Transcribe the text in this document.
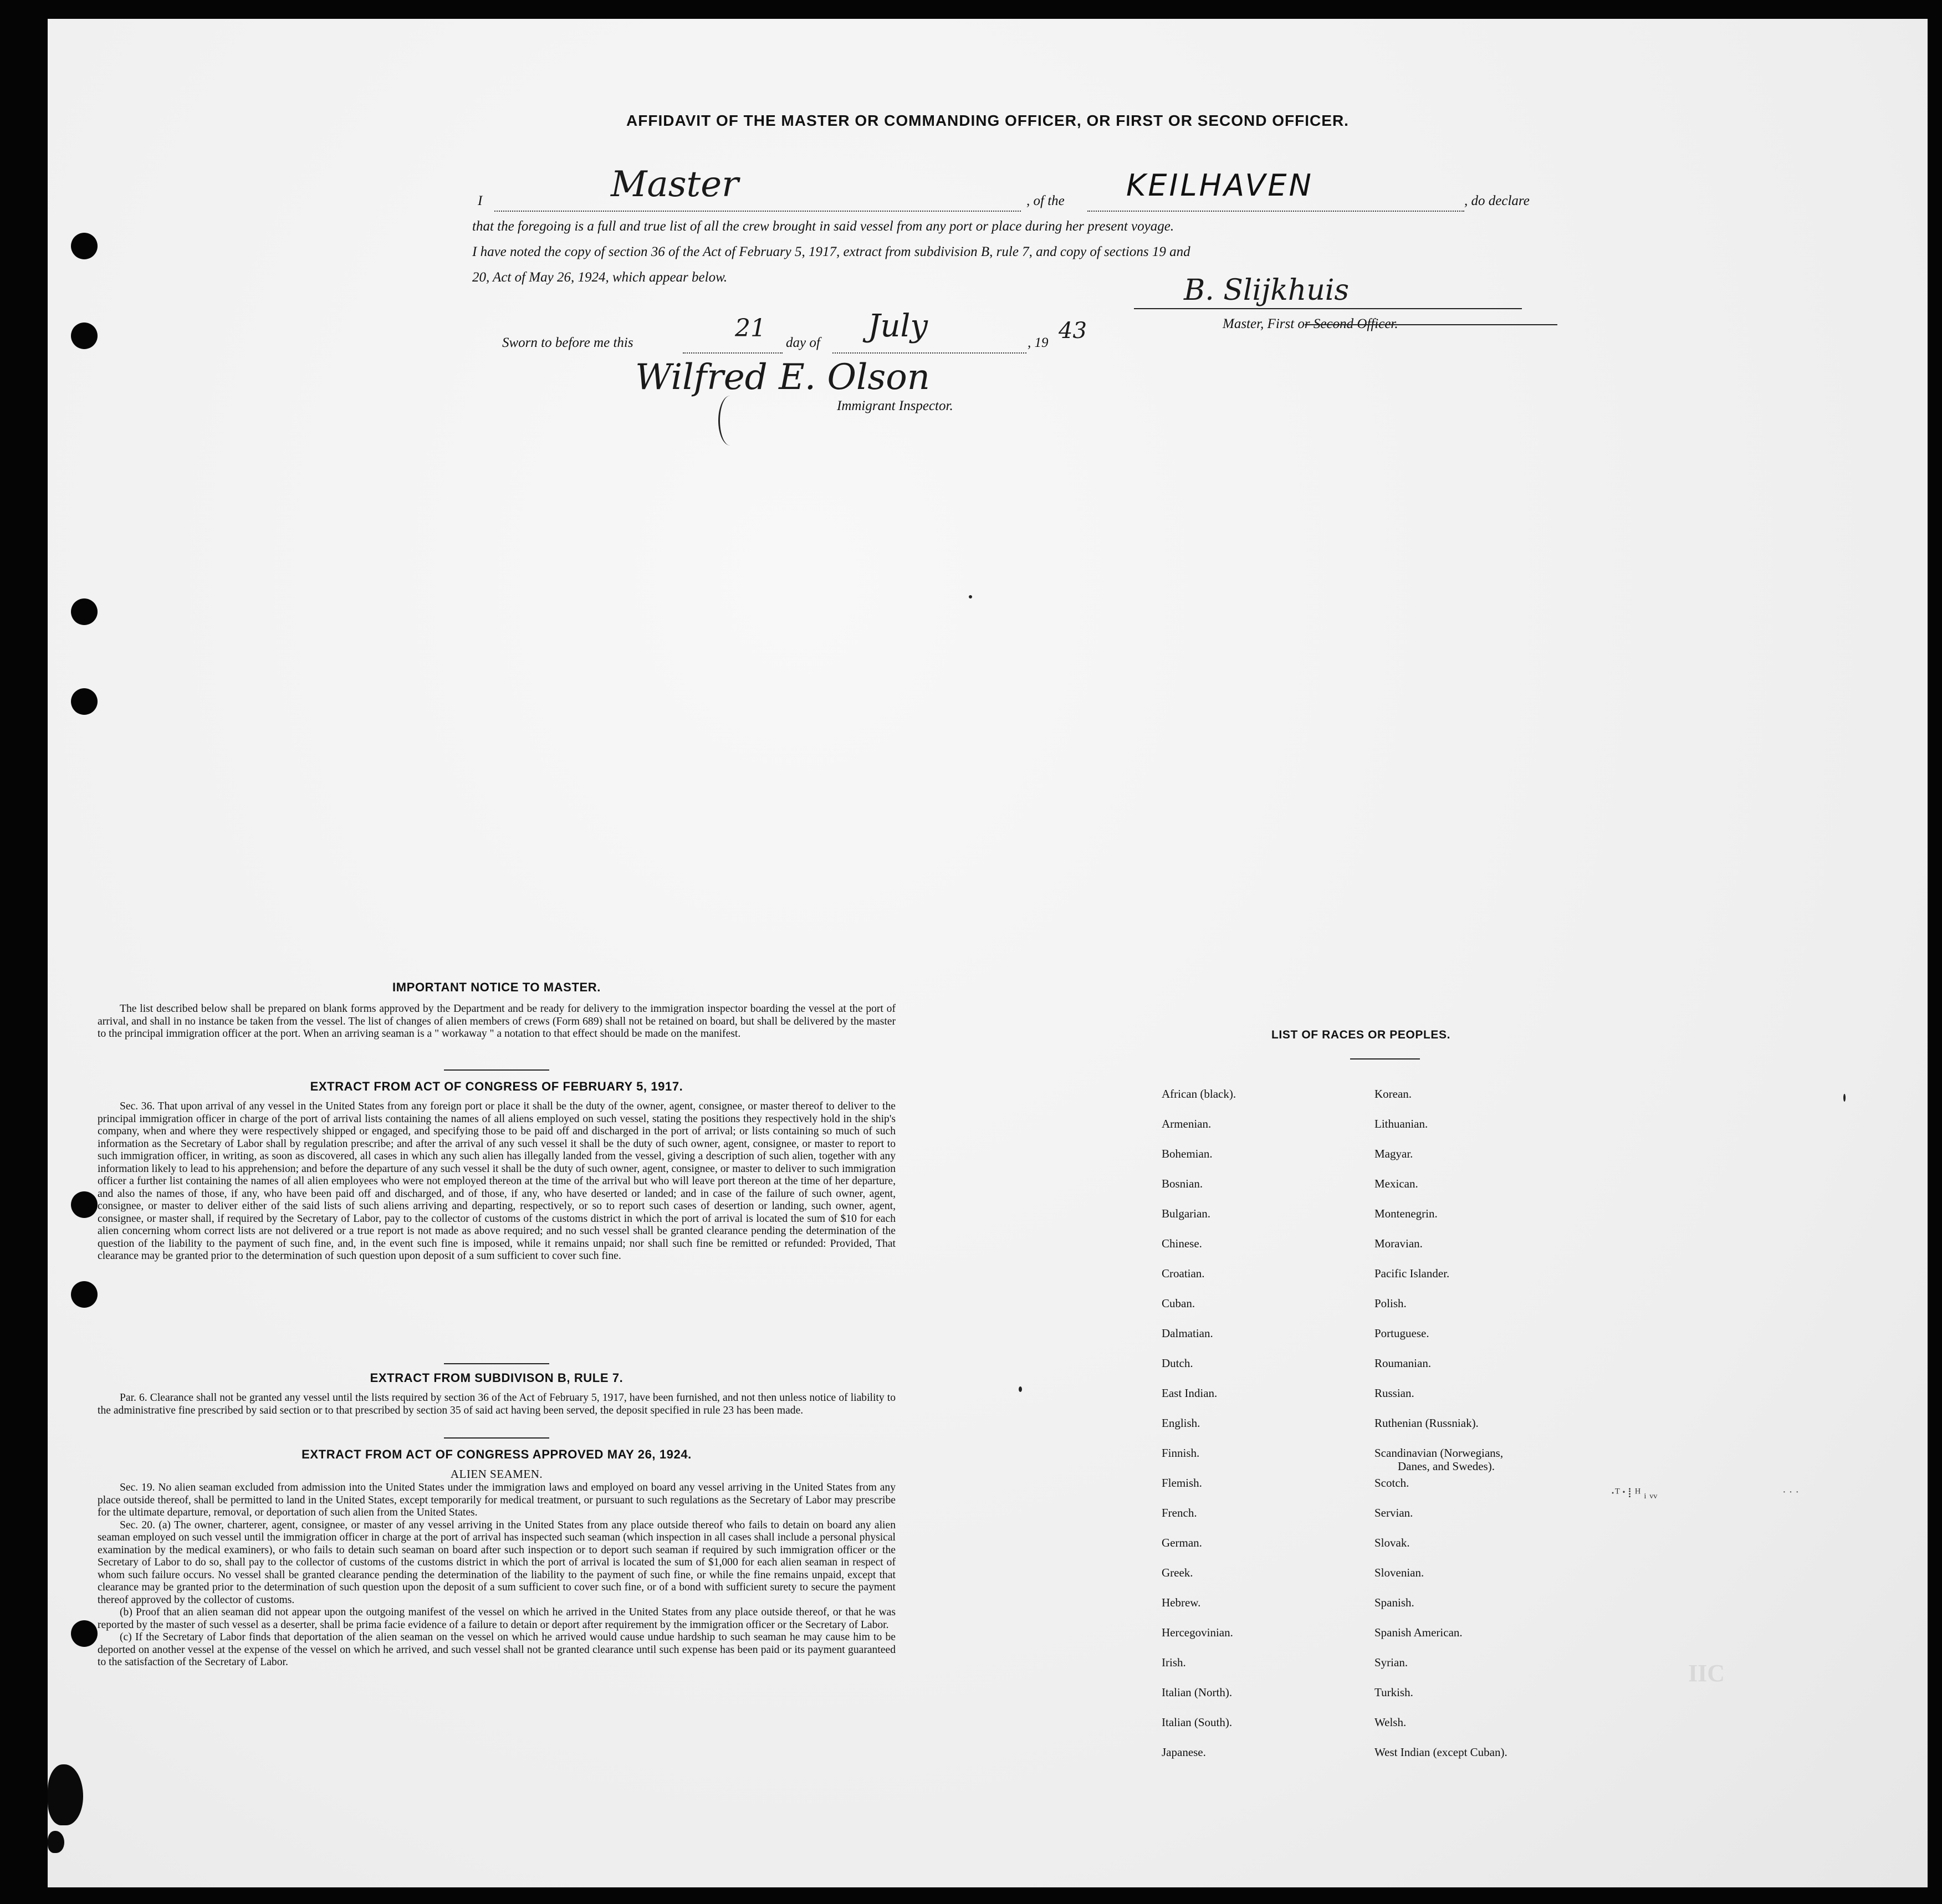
AFFIDAVIT OF THE MASTER OR COMMANDING OFFICER, OR FIRST OR SECOND OFFICER.
I	Master	, of the KEILHAVEN	, do declare
that the foregoing is a full and true list of all the crew brought in said vessel from any port or place during her present voyage.
I have noted the copy of section 36 of the Act of February 5, 1917, extract from subdivision B, rule 7, and copy of sections 19 and
20, Act of May 26, 1924, which appear below.	B. Slijkhuis
Master, First or Second Officer.
Sworn to before me this
21
day of July	, 19 43
Wilfred E. Olson
Immigrant Inspector.
IMPORTANT NOTICE TO MASTER.

The list described below shall be prepared on blank forms approved by the Department and be ready for delivery to the immigration inspector boarding the vessel at the port of arrival, and shall in no instance be taken from the vessel. The list of changes of alien members of crews (Form 689) shall not be retained on board, but shall be delivered by the master to the principal immigration officer at the port. When an arriving seaman is a " workaway " a notation to that effect should be made on the manifest.

EXTRACT FROM ACT OF CONGRESS OF FEBRUARY 5, 1917.

Sec. 36. That upon arrival of any vessel in the United States from any foreign port or place it shall be the duty of the owner, agent, consignee, or master thereof to deliver to the principal immigration officer in charge of the port of arrival lists containing the names of all aliens employed on such vessel, stating the positions they respectively hold in the ship's company, when and where they were respectively shipped or engaged, and specifying those to be paid off and discharged in the port of arrival; or lists containing so much of such information as the Secretary of Labor shall by regulation prescribe; and after the arrival of any such vessel it shall be the duty of such owner, agent, consignee, or master to report to such immigration officer, in writing, as soon as discovered, all cases in which any such alien has illegally landed from the vessel, giving a description of such alien, together with any information likely to lead to his apprehension; and before the departure of any such vessel it shall be the duty of such owner, agent, consignee, or master to deliver to such immigration officer a further list containing the names of all alien employees who were not employed thereon at the time of the arrival but who will leave port thereon at the time of her departure, and also the names of those, if any, who have been paid off and discharged, and of those, if any, who have deserted or landed; and in case of the failure of such owner, agent, consignee, or master to deliver either of the said lists of such aliens arriving and departing, respectively, or so to report such cases of desertion or landing, such owner, agent, consignee, or master shall, if required by the Secretary of Labor, pay to the collector of customs of the customs district in which the port of arrival is located the sum of $10 for each alien concerning whom correct lists are not delivered or a true report is not made as above required; and no such vessel shall be granted clearance pending the determination of the question of the liability to the payment of such fine, and, in the event such fine is imposed, while it remains unpaid; nor shall such fine be remitted or refunded: Provided, That clearance may be granted prior to the determination of such question upon deposit of a sum sufficient to cover such fine.

EXTRACT FROM SUBDIVISON B, RULE 7.

Par. 6. Clearance shall not be granted any vessel until the lists required by section 36 of the Act of February 5, 1917, have been furnished, and not then unless notice of liability to the administrative fine prescribed by said section or to that prescribed by section 35 of said act having been served, the deposit specified in rule 23 has been made.

EXTRACT FROM ACT OF CONGRESS APPROVED MAY 26, 1924.
ALIEN SEAMEN.

Sec. 19. No alien seaman excluded from admission into the United States under the immigration laws and employed on board any vessel arriving in the United States from any place outside thereof, shall be permitted to land in the United States, except temporarily for medical treatment, or pursuant to such regulations as the Secretary of Labor may prescribe for the ultimate departure, removal, or deportation of such alien from the United States.

Sec. 20. (a) The owner, charterer, agent, consignee, or master of any vessel arriving in the United States from any place outside thereof who fails to detain on board any alien seaman employed on such vessel until the immigration officer in charge at the port of arrival has inspected such seaman (which inspection in all cases shall include a personal physical examination by the medical examiners), or who fails to detain such seaman on board after such inspection or to deport such seaman if required by such immigration officer or the Secretary of Labor to do so, shall pay to the collector of customs of the customs district in which the port of arrival is located the sum of $1,000 for each alien seaman in respect of whom such failure occurs. No vessel shall be granted clearance pending the determination of the liability to the payment of such fine, or while the fine remains unpaid, except that clearance may be granted prior to the determination of such question upon the deposit of a sum sufficient to cover such fine, or of a bond with sufficient surety to secure the payment thereof approved by the collector of customs.

(b) Proof that an alien seaman did not appear upon the outgoing manifest of the vessel on which he arrived in the United States from any place outside thereof, or that he was reported by the master of such vessel as a deserter, shall be prima facie evidence of a failure to detain or deport after requirement by the immigration officer or the Secretary of Labor.

(c) If the Secretary of Labor finds that deportation of the alien seaman on the vessel on which he arrived would cause undue hardship to such seaman he may cause him to be deported on another vessel at the expense of the vessel on which he arrived, and such vessel shall not be granted clearance until such expense has been paid or its payment guaranteed to the satisfaction of the Secretary of Labor.

LIST OF RACES OR PEOPLES.
·ᵀ᛫⁞ ᴴ ᵢ ᵥᵥ	· · ·
IIC
African (black).
Armenian.
Bohemian.
Bosnian.
Bulgarian.
Chinese.
Croatian.
Cuban.
Dalmatian.
Dutch.
East Indian.
English.
Finnish.
Flemish.
French.
German.
Greek.
Hebrew.
Hercegovinian.
Irish.
Italian (North).
Italian (South).
Japanese.
Korean.
Lithuanian.
Magyar.
Mexican.
Montenegrin.
Moravian.
Pacific Islander.
Polish.
Portuguese.
Roumanian.
Russian.
Ruthenian (Russniak).
Scandinavian (Norwegians,
Scotch.
Servian.
Slovak.
Slovenian.
Spanish.
Spanish American.
Syrian.
Turkish.
Welsh.
West Indian (except Cuban).
Danes, and Swedes).
